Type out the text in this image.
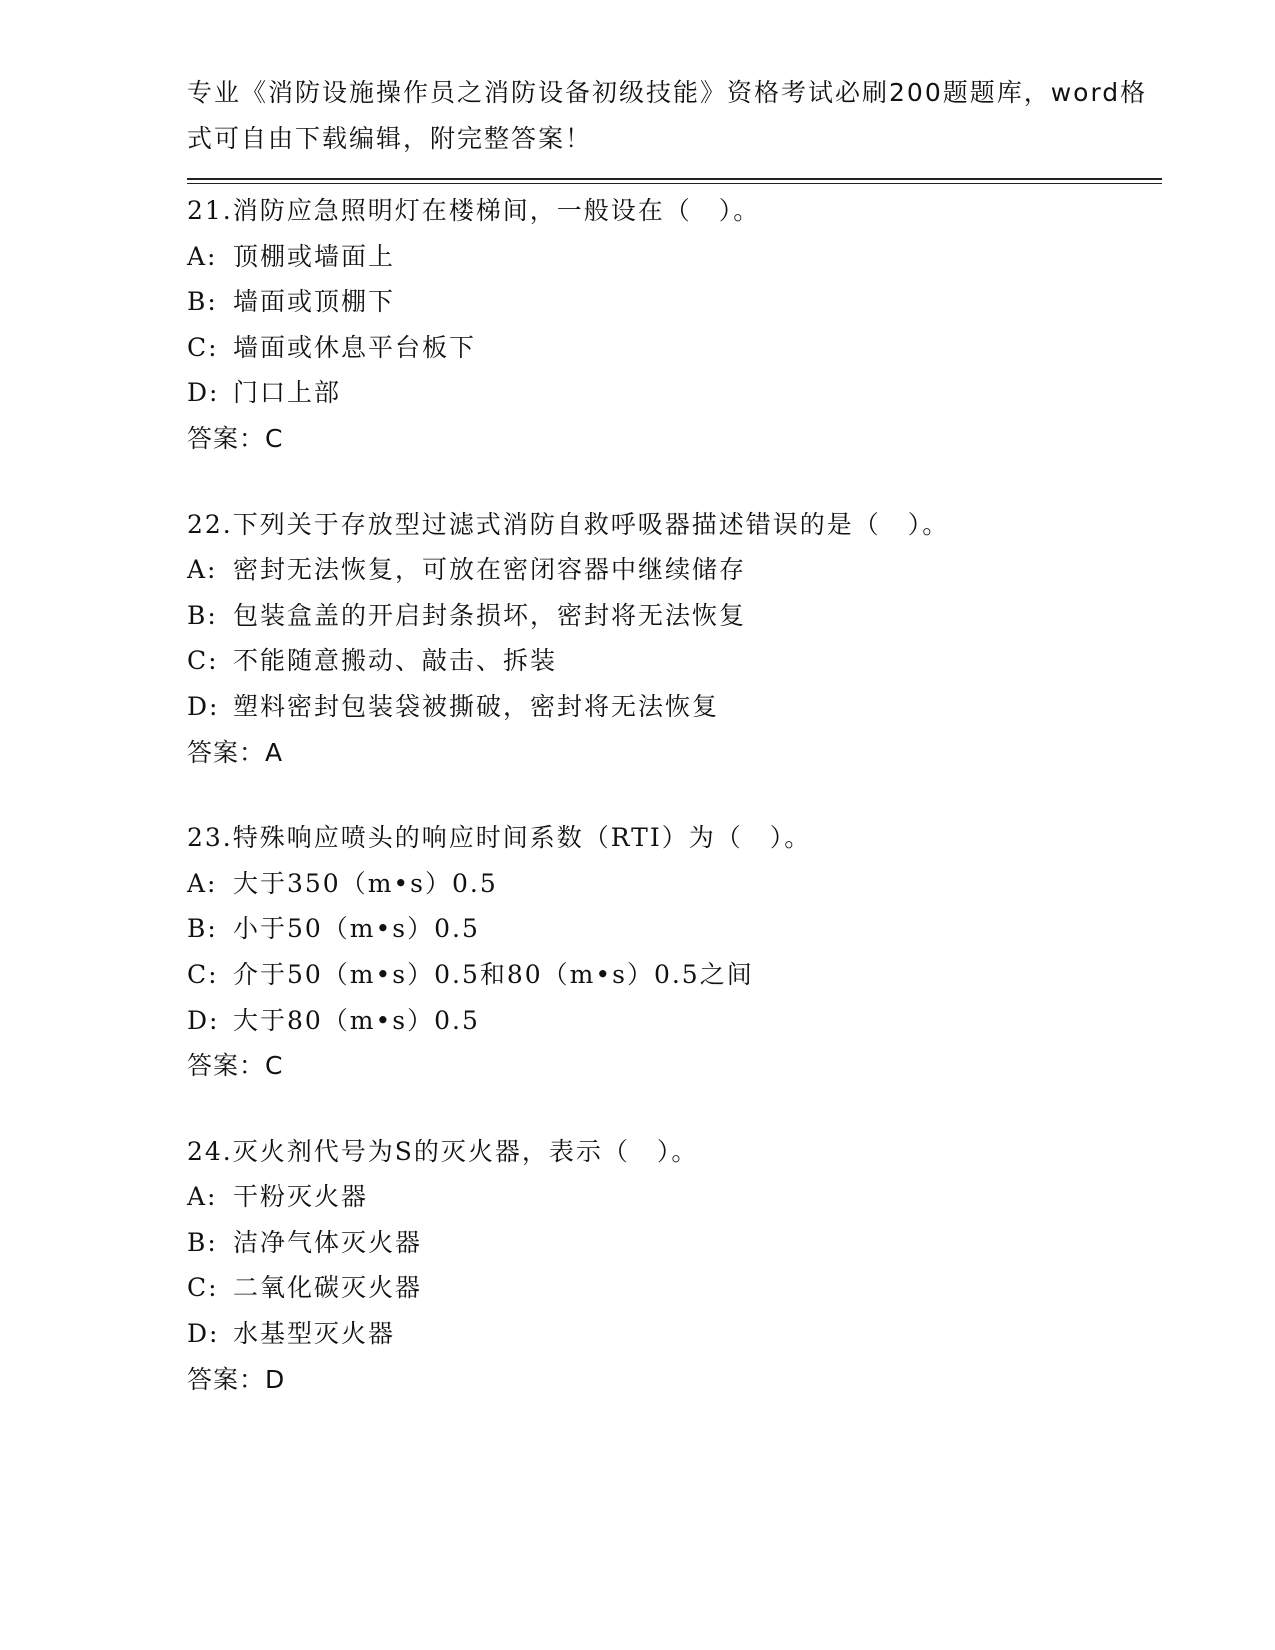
专业《消防设施操作员之消防设备初级技能》资格考试必刷200题题库，word格
式可自由下载编辑，附完整答案！
21.消防应急照明灯在楼梯间，一般设在（　）。
A: 顶棚或墙面上
B: 墙面或顶棚下
C: 墙面或休息平台板下
D: 门口上部
答案：C
22.下列关于存放型过滤式消防自救呼吸器描述错误的是（　）。
A: 密封无法恢复，可放在密闭容器中继续储存
B: 包装盒盖的开启封条损坏，密封将无法恢复
C: 不能随意搬动、敲击、拆装
D: 塑料密封包装袋被撕破，密封将无法恢复
答案：A
23.特殊响应喷头的响应时间系数（RTI）为（　）。
A: 大于350（m•s）0.5
B: 小于50（m•s）0.5
C: 介于50（m•s）0.5和80（m•s）0.5之间
D: 大于80（m•s）0.5
答案：C
24.灭火剂代号为S的灭火器，表示（　）。
A: 干粉灭火器
B: 洁净气体灭火器
C: 二氧化碳灭火器
D: 水基型灭火器
答案：D
